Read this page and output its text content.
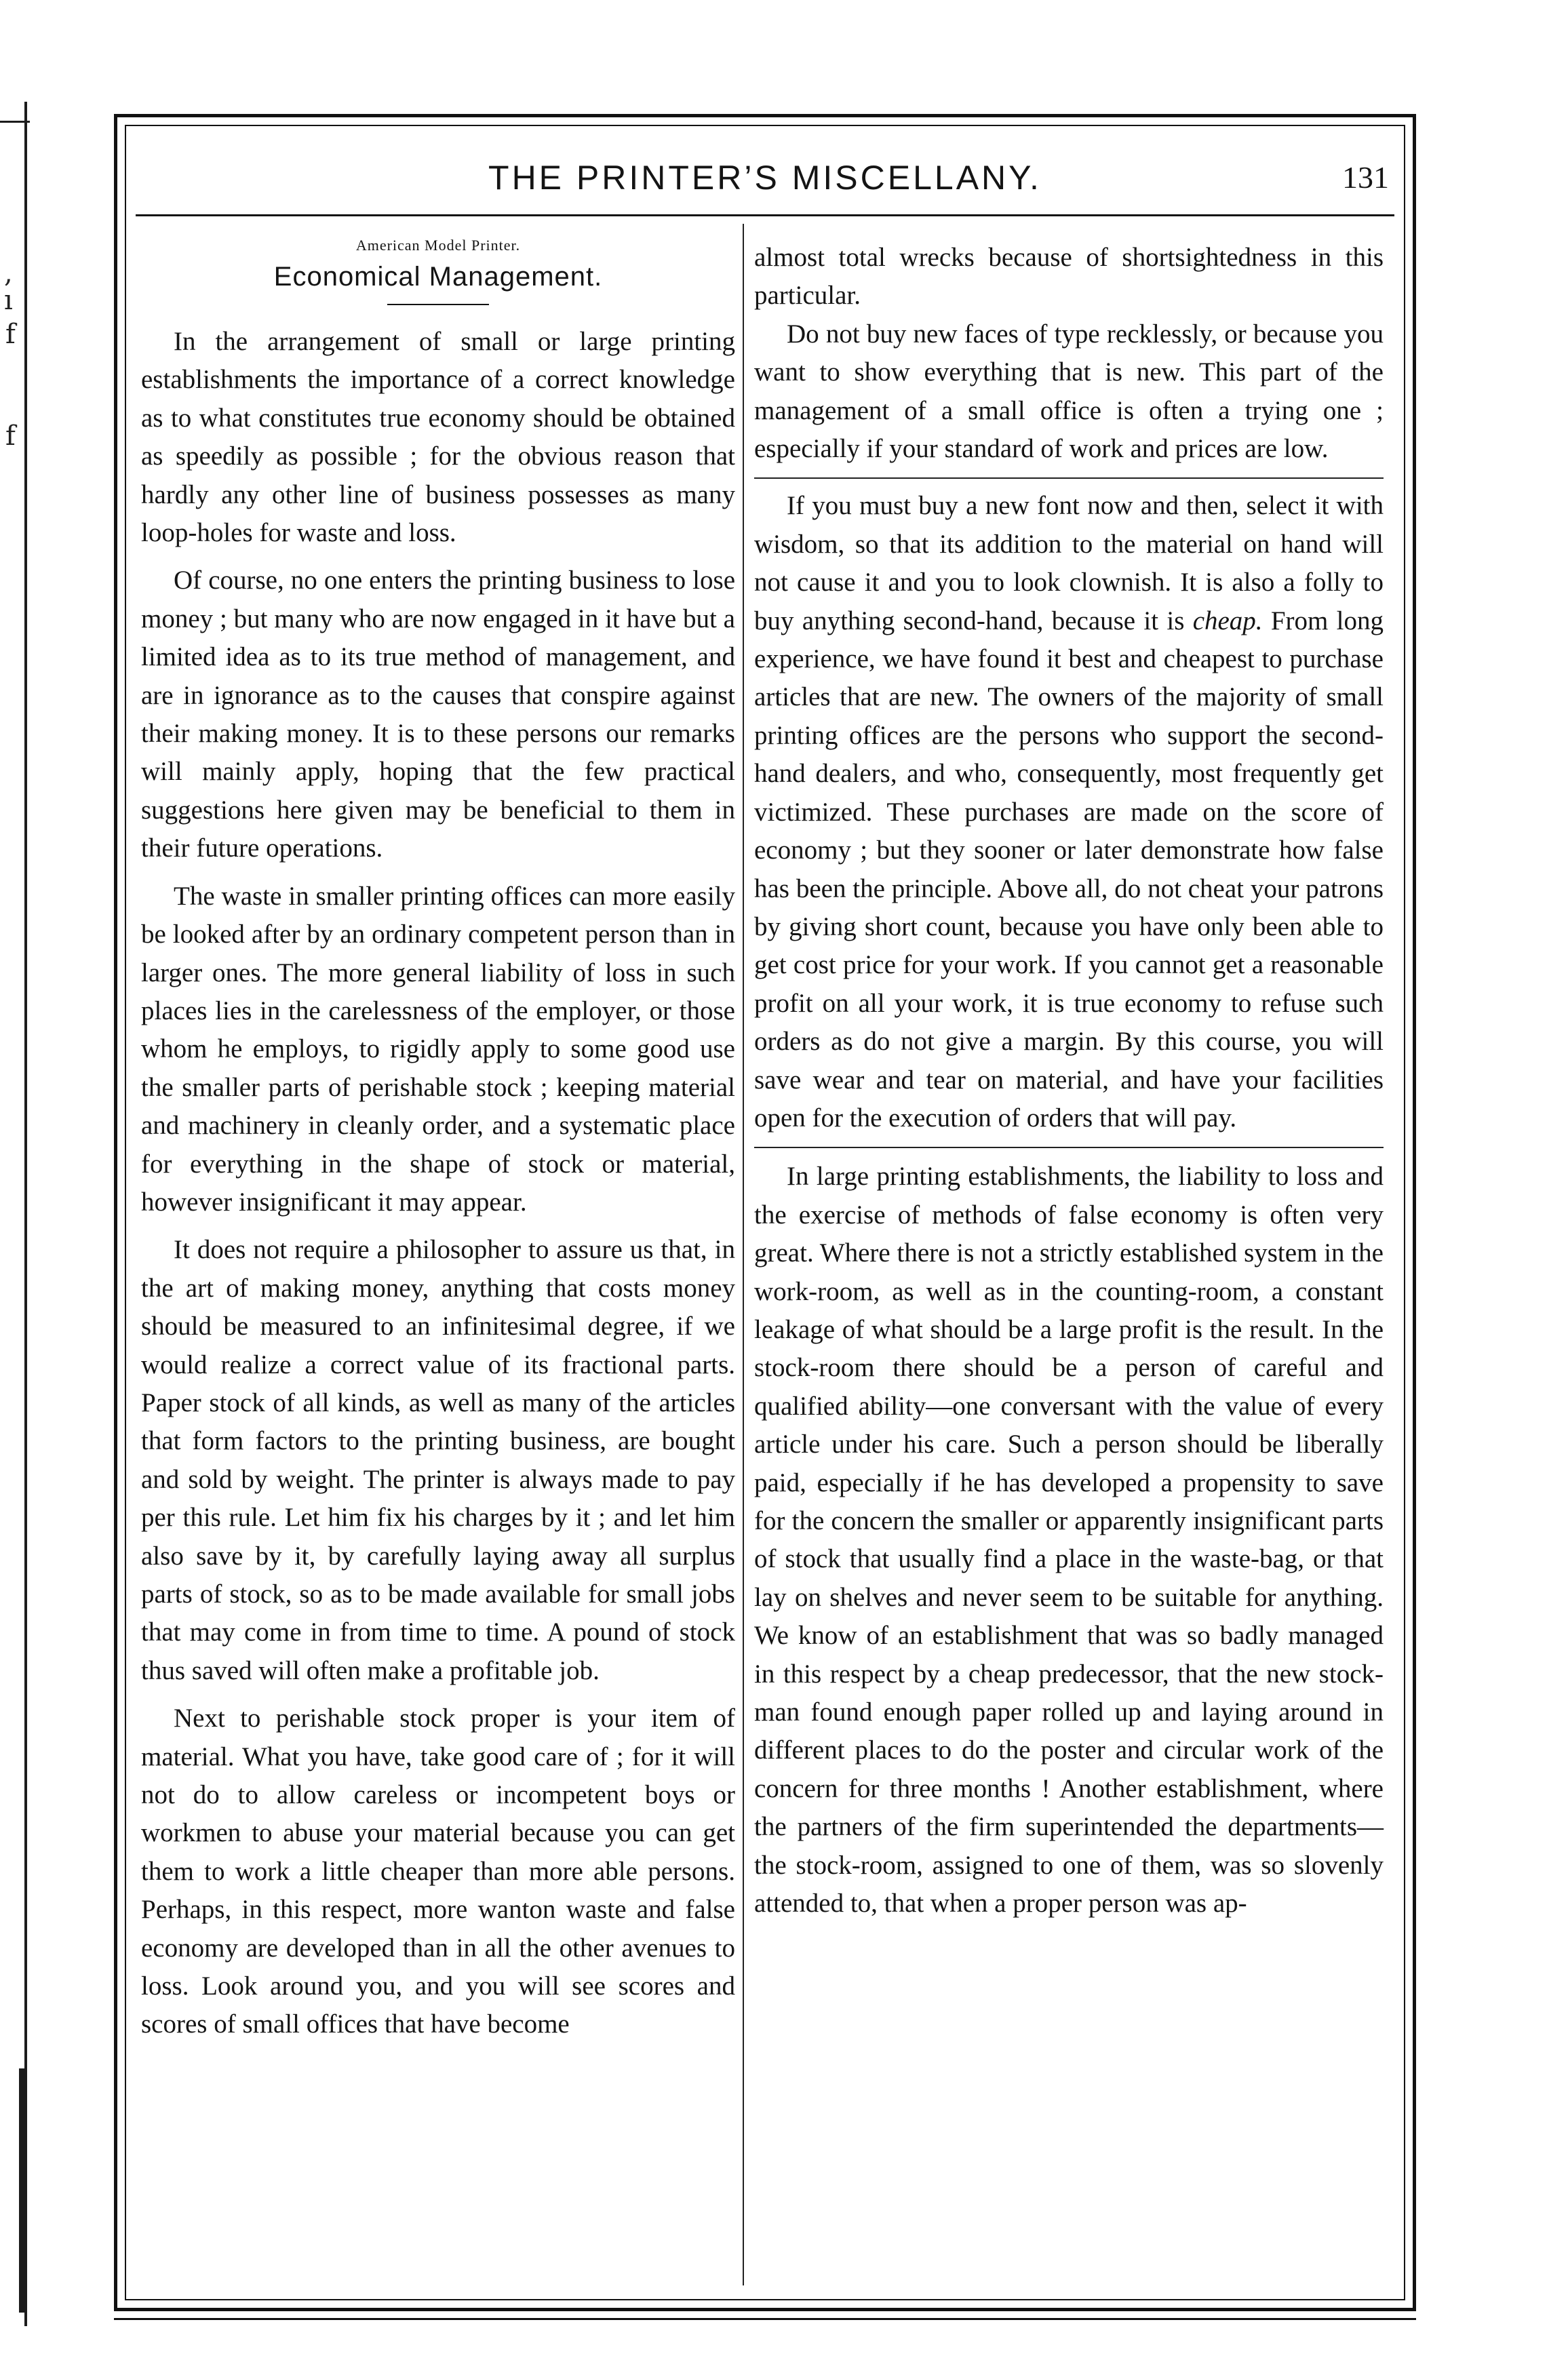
,
ı
f
f
THE PRINTER’S MISCELLANY.	131
American Model Printer.
Economical Management.

In the arrangement of small or large printing establishments the importance of a correct knowledge as to what constitutes true economy should be obtained as speedily as possible ; for the obvious reason that hardly any other line of business possesses as many loop-holes for waste and loss.

Of course, no one enters the printing business to lose money ; but many who are now engaged in it have but a limited idea as to its true method of management, and are in ignorance as to the causes that conspire against their making money. It is to these persons our remarks will mainly apply, hoping that the few practical suggestions here given may be beneficial to them in their future operations.

The waste in smaller printing offices can more easily be looked after by an ordinary competent person than in larger ones. The more general liability of loss in such places lies in the carelessness of the employer, or those whom he employs, to rigidly apply to some good use the smaller parts of perishable stock ; keeping material and machinery in cleanly order, and a systematic place for everything in the shape of stock or material, however insignificant it may appear.

It does not require a philosopher to assure us that, in the art of making money, anything that costs money should be measured to an infinitesimal degree, if we would realize a correct value of its fractional parts. Paper stock of all kinds, as well as many of the articles that form factors to the printing business, are bought and sold by weight. The printer is always made to pay per this rule. Let him fix his charges by it ; and let him also save by it, by carefully laying away all surplus parts of stock, so as to be made available for small jobs that may come in from time to time. A pound of stock thus saved will often make a profitable job.

Next to perishable stock proper is your item of material. What you have, take good care of ; for it will not do to allow careless or incompetent boys or workmen to abuse your material because you can get them to work a little cheaper than more able persons. Perhaps, in this respect, more wanton waste and false economy are developed than in all the other avenues to loss. Look around you, and you will see scores and scores of small offices that have become

almost total wrecks because of shortsightedness in this particular.

Do not buy new faces of type recklessly, or because you want to show everything that is new. This part of the management of a small office is often a trying one ; especially if your standard of work and prices are low.

If you must buy a new font now and then, select it with wisdom, so that its addition to the material on hand will not cause it and you to look clownish. It is also a folly to buy anything second-hand, because it is cheap. From long experience, we have found it best and cheapest to purchase articles that are new. The owners of the majority of small printing offices are the persons who support the second-hand dealers, and who, consequently, most frequently get victimized. These purchases are made on the score of economy ; but they sooner or later demonstrate how false has been the principle. Above all, do not cheat your patrons by giving short count, because you have only been able to get cost price for your work. If you cannot get a reasonable profit on all your work, it is true economy to refuse such orders as do not give a margin. By this course, you will save wear and tear on material, and have your facilities open for the execution of orders that will pay.

In large printing establishments, the liability to loss and the exercise of methods of false economy is often very great. Where there is not a strictly established system in the work-room, as well as in the counting-room, a constant leakage of what should be a large profit is the result. In the stock-room there should be a person of careful and qualified ability—one conversant with the value of every article under his care. Such a person should be liberally paid, especially if he has developed a propensity to save for the concern the smaller or apparently insignificant parts of stock that usually find a place in the waste-bag, or that lay on shelves and never seem to be suitable for anything. We know of an establishment that was so badly managed in this respect by a cheap predecessor, that the new stock-man found enough paper rolled up and laying around in different places to do the poster and circular work of the concern for three months ! Another establishment, where the partners of the firm superintended the departments—the stock-room, assigned to one of them, was so slovenly attended to, that when a proper person was ap-
